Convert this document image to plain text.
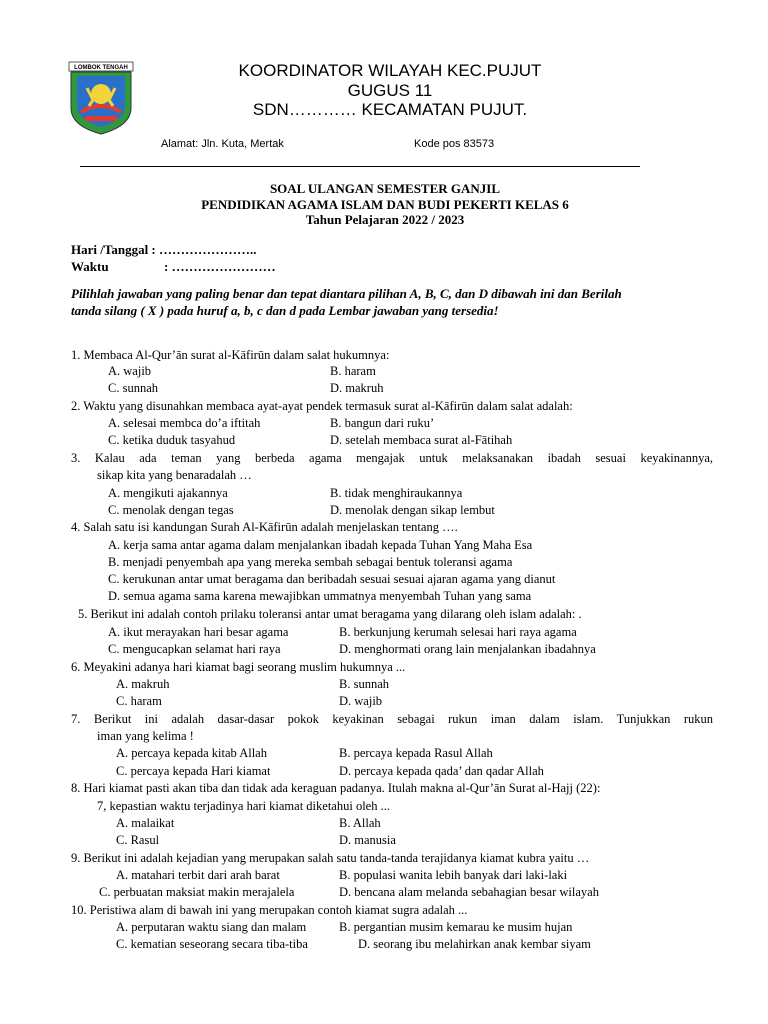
LOMBOK TENGAH	KOORDINATOR WILAYAH KEC.PUJUT
GUGUS 11
SDN………… KECAMATAN PUJUT.
Alamat: Jln. Kuta, Mertak	Kode pos 83573
SOAL ULANGAN SEMESTER GANJIL
PENDIDIKAN AGAMA ISLAM DAN BUDI PEKERTI KELAS 6
Tahun Pelajaran 2022 / 2023
Hari /Tanggal : …………………..
Waktu	: ……………………
Pilihlah jawaban yang paling benar dan tepat diantara pilihan A, B, C, dan D dibawah ini dan Berilah
tanda silang ( X ) pada huruf a, b, c dan d pada Lembar jawaban yang tersedia!
1. Membaca Al-Qur’ān surat al-Kāfirūn dalam salat hukumnya:
A. wajib	B. haram
C. sunnah	D. makruh
2. Waktu yang disunahkan membaca ayat-ayat pendek termasuk surat al-Kāfirūn dalam salat adalah:
A. selesai membca do’a iftitah	B. bangun dari ruku’
C. ketika duduk tasyahud	D. setelah membaca surat al-Fātihah
3. Kalau ada teman yang berbeda agama mengajak untuk melaksanakan ibadah sesuai keyakinannya,
sikap kita yang benaradalah …
A. mengikuti ajakannya	B. tidak menghiraukannya
C. menolak dengan tegas	D. menolak dengan sikap lembut
4. Salah satu isi kandungan Surah Al-Kāfirūn adalah menjelaskan tentang ….
A. kerja sama antar agama dalam menjalankan ibadah kepada Tuhan Yang Maha Esa
B. menjadi penyembah apa yang mereka sembah sebagai bentuk toleransi agama
C. kerukunan antar umat beragama dan beribadah sesuai sesuai ajaran agama yang dianut
D. semua agama sama karena mewajibkan ummatnya menyembah Tuhan yang sama
5. Berikut ini adalah contoh prilaku toleransi antar umat beragama yang dilarang oleh islam adalah: .
A. ikut merayakan hari besar agama	B. berkunjung kerumah selesai hari raya agama
C. mengucapkan selamat hari raya	D. menghormati orang lain menjalankan ibadahnya
6. Meyakini adanya hari kiamat bagi seorang muslim hukumnya ...
A. makruh	B. sunnah
C. haram	D. wajib
7. Berikut ini adalah dasar-dasar pokok keyakinan sebagai rukun iman dalam islam. Tunjukkan rukun
iman yang kelima !
A. percaya kepada kitab Allah	B. percaya kepada Rasul Allah
C. percaya kepada Hari kiamat	D. percaya kepada qada’ dan qadar Allah
8. Hari kiamat pasti akan tiba dan tidak ada keraguan padanya. Itulah makna al-Qur’ān Surat al-Hajj (22):
7, kepastian waktu terjadinya hari kiamat diketahui oleh ...
A. malaikat	B. Allah
C. Rasul	D. manusia
9. Berikut ini adalah kejadian yang merupakan salah satu tanda-tanda terajidanya kiamat kubra yaitu …
A. matahari terbit dari arah barat	B. populasi wanita lebih banyak dari laki-laki
C. perbuatan maksiat makin merajalela	D. bencana alam melanda sebahagian besar wilayah
10. Peristiwa alam di bawah ini yang merupakan contoh kiamat sugra adalah ...
A. perputaran waktu siang dan malam	B. pergantian musim kemarau ke musim hujan
C. kematian seseorang secara tiba-tiba	D. seorang ibu melahirkan anak kembar siyam
